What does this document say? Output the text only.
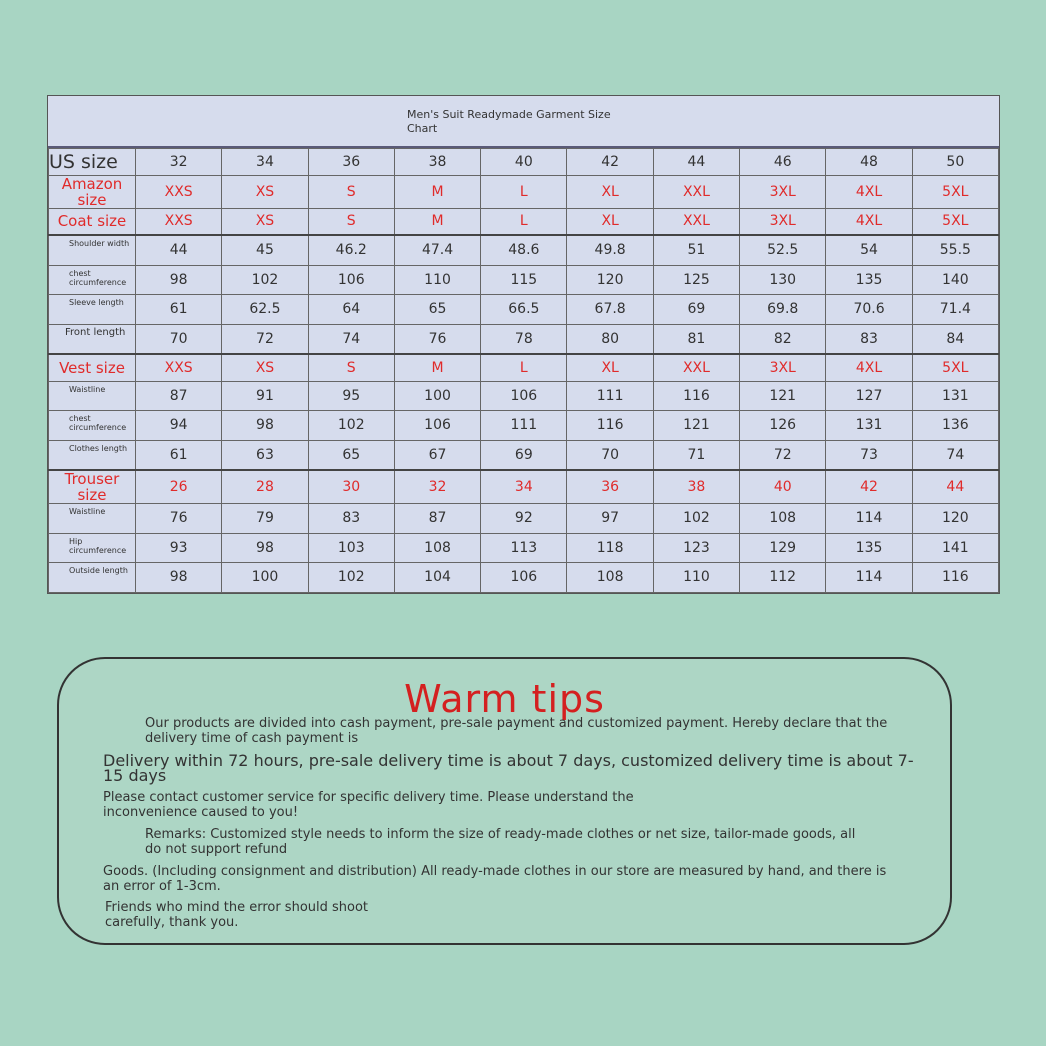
Men's Suit Readymade Garment Size
Chart
US size	32	34	36	38	40	42	44	46	48	50
Amazon size	XXS	XS	S	M	L	XL	XXL	3XL	4XL	5XL
Coat size	XXS	XS	S	M	L	XL	XXL	3XL	4XL	5XL
Shoulder width	44	45	46.2	47.4	48.6	49.8	51	52.5	54	55.5
chest circumference	98	102	106	110	115	120	125	130	135	140
Sleeve length	61	62.5	64	65	66.5	67.8	69	69.8	70.6	71.4
Front length	70	72	74	76	78	80	81	82	83	84
Vest size	XXS	XS	S	M	L	XL	XXL	3XL	4XL	5XL
Waistline	87	91	95	100	106	111	116	121	127	131
chest circumference	94	98	102	106	111	116	121	126	131	136
Clothes length	61	63	65	67	69	70	71	72	73	74
Trouser size	26	28	30	32	34	36	38	40	42	44
Waistline	76	79	83	87	92	97	102	108	114	120
Hip circumference	93	98	103	108	113	118	123	129	135	141
Outside length	98	100	102	104	106	108	110	112	114	116
Warm tips
Our products are divided into cash payment, pre-sale payment and customized payment. Hereby declare that the delivery time of cash payment is
Delivery within 72 hours, pre-sale delivery time is about 7 days, customized delivery time is about 7-15 days
Please contact customer service for specific delivery time. Please understand the inconvenience caused to you!
Remarks: Customized style needs to inform the size of ready-made clothes or net size, tailor-made goods, all do not support refund
Goods. (Including consignment and distribution) All ready-made clothes in our store are measured by hand, and there is an error of 1-3cm.
Friends who mind the error should shoot carefully, thank you.
